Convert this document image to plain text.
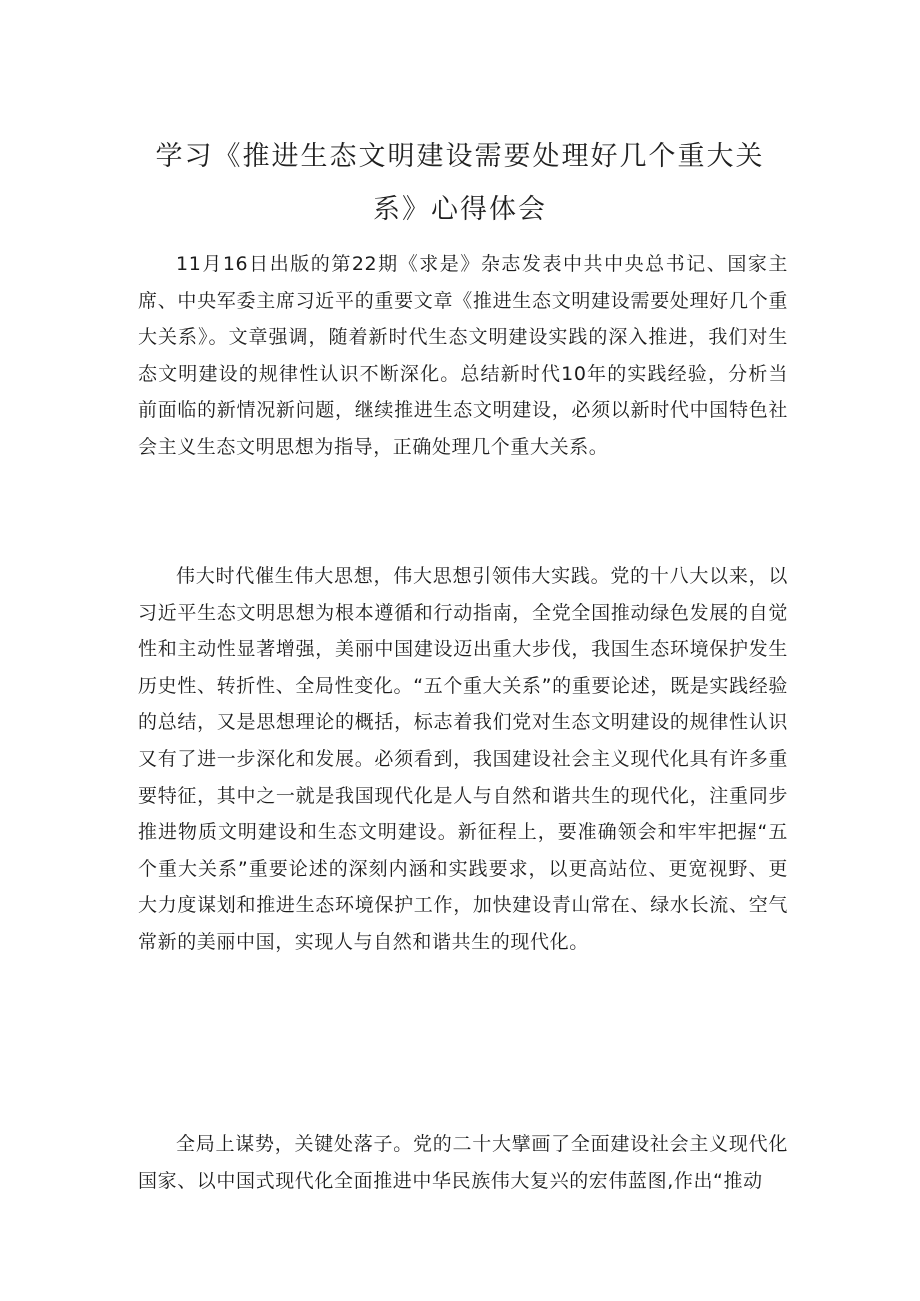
学习《推进生态文明建设需要处理好几个重大关
系》心得体会

11月16日出版的第22期《求是》杂志发表中共中央总书记、国家主席、中央军委主席习近平的重要文章《推进生态文明建设需要处理好几个重大关系》。文章强调，随着新时代生态文明建设实践的深入推进，我们对生态文明建设的规律性认识不断深化。总结新时代10年的实践经验，分析当前面临的新情况新问题，继续推进生态文明建设，必须以新时代中国特色社会主义生态文明思想为指导，正确处理几个重大关系。

伟大时代催生伟大思想，伟大思想引领伟大实践。党的十八大以来，以习近平生态文明思想为根本遵循和行动指南，全党全国推动绿色发展的自觉性和主动性显著增强，美丽中国建设迈出重大步伐，我国生态环境保护发生历史性、转折性、全局性变化。“五个重大关系”的重要论述，既是实践经验的总结，又是思想理论的概括，标志着我们党对生态文明建设的规律性认识又有了进一步深化和发展。必须看到，我国建设社会主义现代化具有许多重要特征，其中之一就是我国现代化是人与自然和谐共生的现代化，注重同步推进物质文明建设和生态文明建设。新征程上，要准确领会和牢牢把握“五个重大关系”重要论述的深刻内涵和实践要求，以更高站位、更宽视野、更大力度谋划和推进生态环境保护工作，加快建设青山常在、绿水长流、空气常新的美丽中国，实现人与自然和谐共生的现代化。

全局上谋势，关键处落子。党的二十大擘画了全面建设社会主义现代化国家、以中国式现代化全面推进中华民族伟大复兴的宏伟蓝图,作出“推动
